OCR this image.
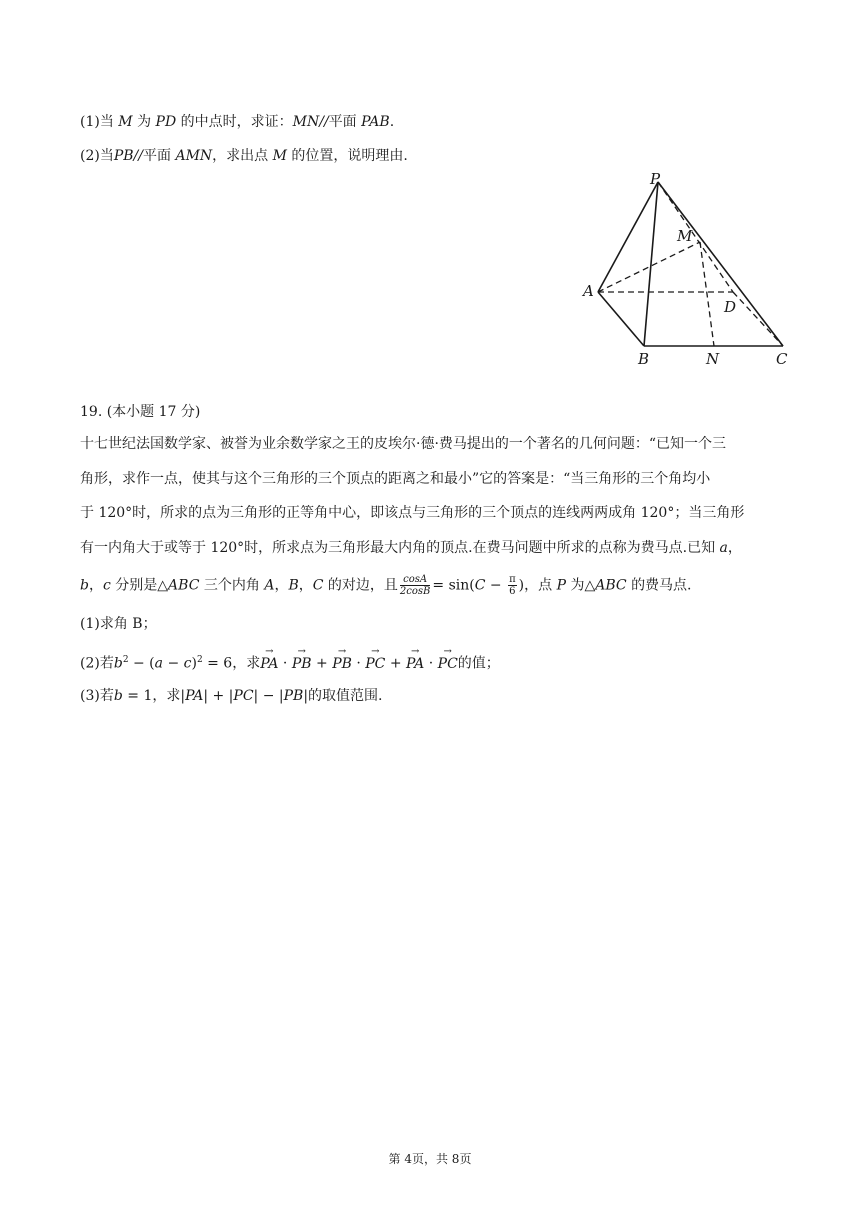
(1)当 M 为 PD 的中点时，求证：MN//平面 PAB.
(2)当PB//平面 AMN，求出点 M 的位置，说明理由.
P
M
A
D
B	N	C
19. (本小题 17 分)
十七世纪法国数学家、被誉为业余数学家之王的皮埃尔·德·费马提出的一个著名的几何问题：“已知一个三
角形，求作一点，使其与这个三角形的三个顶点的距离之和最小”它的答案是：“当三角形的三个角均小
于 120°时，所求的点为三角形的正等角中心，即该点与三角形的三个顶点的连线两两成角 120°；当三角形
有一内角大于或等于 120°时，所求点为三角形最大内角的顶点.在费马问题中所求的点称为费马点.已知 a，
b，c 分别是△ABC 三个内角 A，B，C 的对边，且 $\frac{\cos A}{2\cos B} = \sin(C - \frac{\pi}{6}$ )，点 P 为△ABC 的费马点.
(1)求角 B；
(2)若$b^2 - (a - c)^2 = 6$，求→ PA · → PB + → PB · → PC + → PA · → PC的值；
(3)若b = 1，求|PA| + |PC| − |PB|的取值范围.
第 4页，共 8页
